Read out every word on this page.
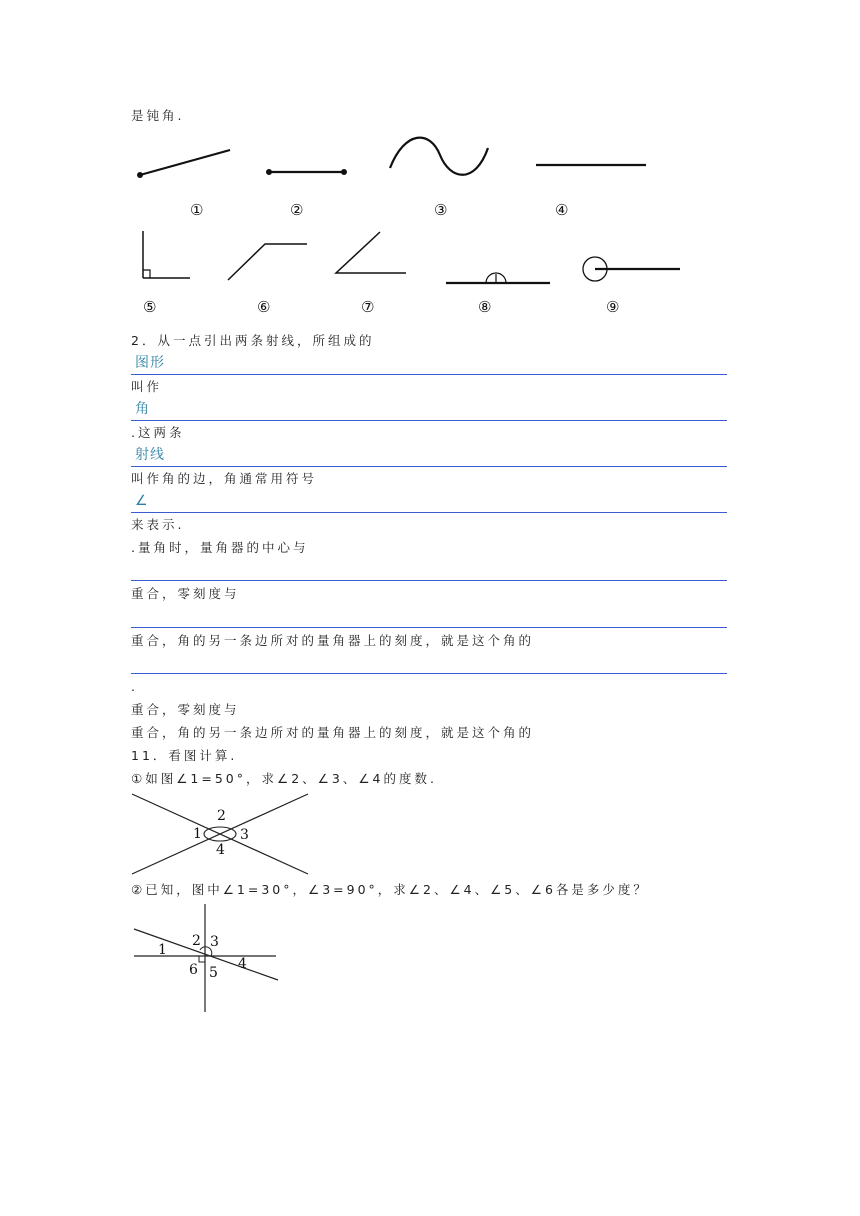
是钝角.
①	②	③	④
⑤	⑥	⑦	⑧	⑨
2．从一点引出两条射线，所组成的
图形
叫作
角
.这两条
射线
叫作角的边，角通常用符号
∠
来表示.
.量角时，量角器的中心与
重合，零刻度与
重合，角的另一条边所对的量角器上的刻度，就是这个角的
.
重合，零刻度与
重合，角的另一条边所对的量角器上的刻度，就是这个角的
11．看图计算.
①如图∠1=50°，求∠2、∠3、∠4的度数.
1
2
3
4
②已知，图中∠1=30°，∠3=90°，求∠2、∠4、∠5、∠6各是多少度？
1
2 3
4
5
6
